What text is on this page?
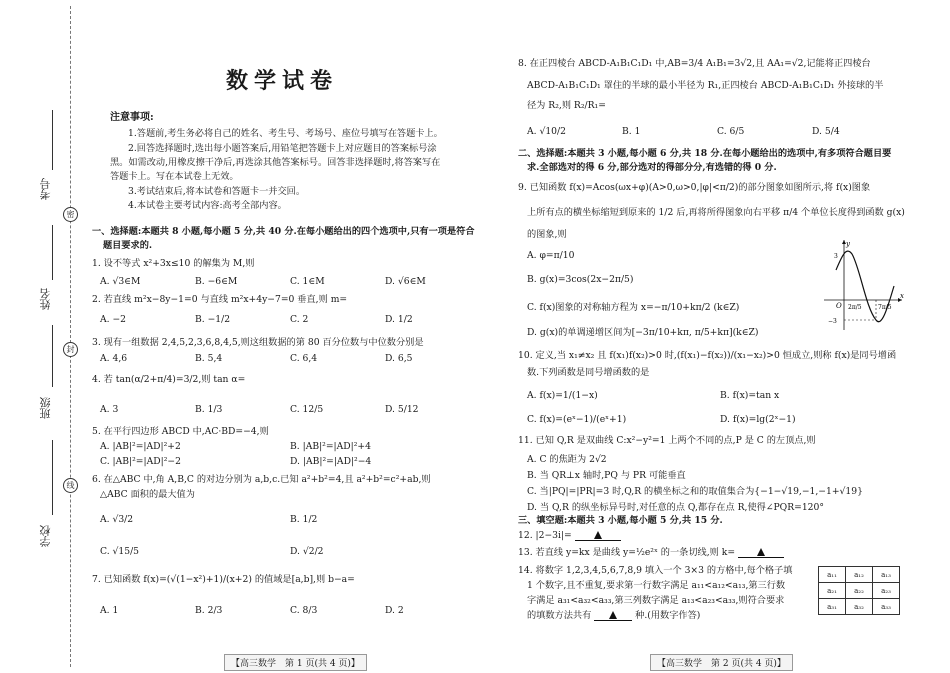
考号
姓名
班级
学校
密
封
线
数学试卷
注意事项:
1.答题前,考生务必将自己的姓名、考生号、考场号、座位号填写在答题卡上。
2.回答选择题时,选出每小题答案后,用铅笔把答题卡上对应题目的答案标号涂
黑。如需改动,用橡皮擦干净后,再选涂其他答案标号。回答非选择题时,将答案写在
答题卡上。写在本试卷上无效。
3.考试结束后,将本试卷和答题卡一并交回。
4.本试卷主要考试内容:高考全部内容。
一、选择题:本题共 8 小题,每小题 5 分,共 40 分.在每小题给出的四个选项中,只有一项是符合
题目要求的.
1. 设不等式 x²+3x≤10 的解集为 M,则
A. √3∈M	B. −6∈M	C. 1∈M	D. √6∈M
2. 若直线 m²x−8y−1=0 与直线 m²x+4y−7=0 垂直,则 m=
A. −2	B. −1/2	C. 2	D. 1/2
3. 现有一组数据 2,4,5,2,3,6,8,4,5,则这组数据的第 80 百分位数与中位数分别是
A. 4,6	B. 5,4	C. 6,4	D. 6,5
4. 若 tan(α/2+π/4)=3/2,则 tan α=
A. 3	B. 1/3	C. 12/5	D. 5/12
5. 在平行四边形 ABCD 中,AC·BD=−4,则
A. |AB|²=|AD|²+2	B. |AB|²=|AD|²+4
C. |AB|²=|AD|²−2	D. |AB|²=|AD|²−4
6. 在△ABC 中,角 A,B,C 的对边分别为 a,b,c.已知 a²+b²=4,且 a²+b²=c²+ab,则
△ABC 面积的最大值为
A. √3/2	B. 1/2
C. √15/5	D. √2/2
7. 已知函数 f(x)=(√(1−x²)+1)/(x+2) 的值域是[a,b],则 b−a=
A. 1	B. 2/3	C. 8/3	D. 2
【高三数学　第 1 页(共 4 页)】
8. 在正四棱台 ABCD-A₁B₁C₁D₁ 中,AB=3/4 A₁B₁=3√2,且 AA₁=√2,记能将正四棱台
ABCD-A₁B₁C₁D₁ 罩住的半球的最小半径为 R₁,正四棱台 ABCD-A₁B₁C₁D₁ 外接球的半
径为 R₂,则 R₂/R₁=
A. √10/2	B. 1	C. 6/5	D. 5/4
二、选择题:本题共 3 小题,每小题 6 分,共 18 分.在每小题给出的选项中,有多项符合题目要
求.全部选对的得 6 分,部分选对的得部分分,有选错的得 0 分.
9. 已知函数 f(x)=Acos(ωx+φ)(A>0,ω>0,|φ|<π/2)的部分图象如图所示,将 f(x)图象
上所有点的横坐标缩短到原来的 1/2 后,再将所得图象向右平移 π/4 个单位长度得到函数 g(x)
的图象,则
A. φ=π/10
B. g(x)=3cos(2x−2π/5)
C. f(x)图象的对称轴方程为 x=−π/10+kπ/2 (k∈Z)
D. g(x)的单调递增区间为[−3π/10+kπ, π/5+kπ](k∈Z)
y
x
O 2π/5	7π/5
3
−3
10. 定义,当 x₁≠x₂ 且 f(x₁)f(x₂)>0 时,(f(x₁)−f(x₂))/(x₁−x₂)>0 恒成立,则称 f(x)是同号增函
数.下列函数是同号增函数的是
A. f(x)=1/(1−x)	B. f(x)=tan x
C. f(x)=(eˣ−1)/(eˣ+1)	D. f(x)=lg(2ˣ−1)
11. 已知 Q,R 是双曲线 C:x²−y²=1 上两个不同的点,P 是 C 的左顶点,则
A. C 的焦距为 2√2
B. 当 QR⊥x 轴时,PQ 与 PR 可能垂直
C. 当|PQ|=|PR|=3 时,Q,R 的横坐标之和的取值集合为{−1−√19,−1,−1+√19}
D. 当 Q,R 的纵坐标异号时,对任意的点 Q,都存在点 R,使得∠PQR=120°
三、填空题:本题共 3 小题,每小题 5 分,共 15 分.
12. |2−3i|=
13. 若直线 y=kx 是曲线 y=½e²ˣ 的一条切线,则 k=
14. 将数字 1,2,3,4,5,6,7,8,9 填入一个 3×3 的方格中,每个格子填
1 个数字,且不重复,要求第一行数字满足 a₁₁<a₁₂<a₁₃,第三行数
字满足 a₃₁<a₃₂<a₃₃,第三列数字满足 a₁₃<a₂₃<a₃₃,则符合要求
的填数方法共有	种.(用数字作答)
a₁₁	a₁₂	a₁₃
a₂₁	a₂₂	a₂₃
a₃₁	a₃₂	a₃₃
【高三数学　第 2 页(共 4 页)】
